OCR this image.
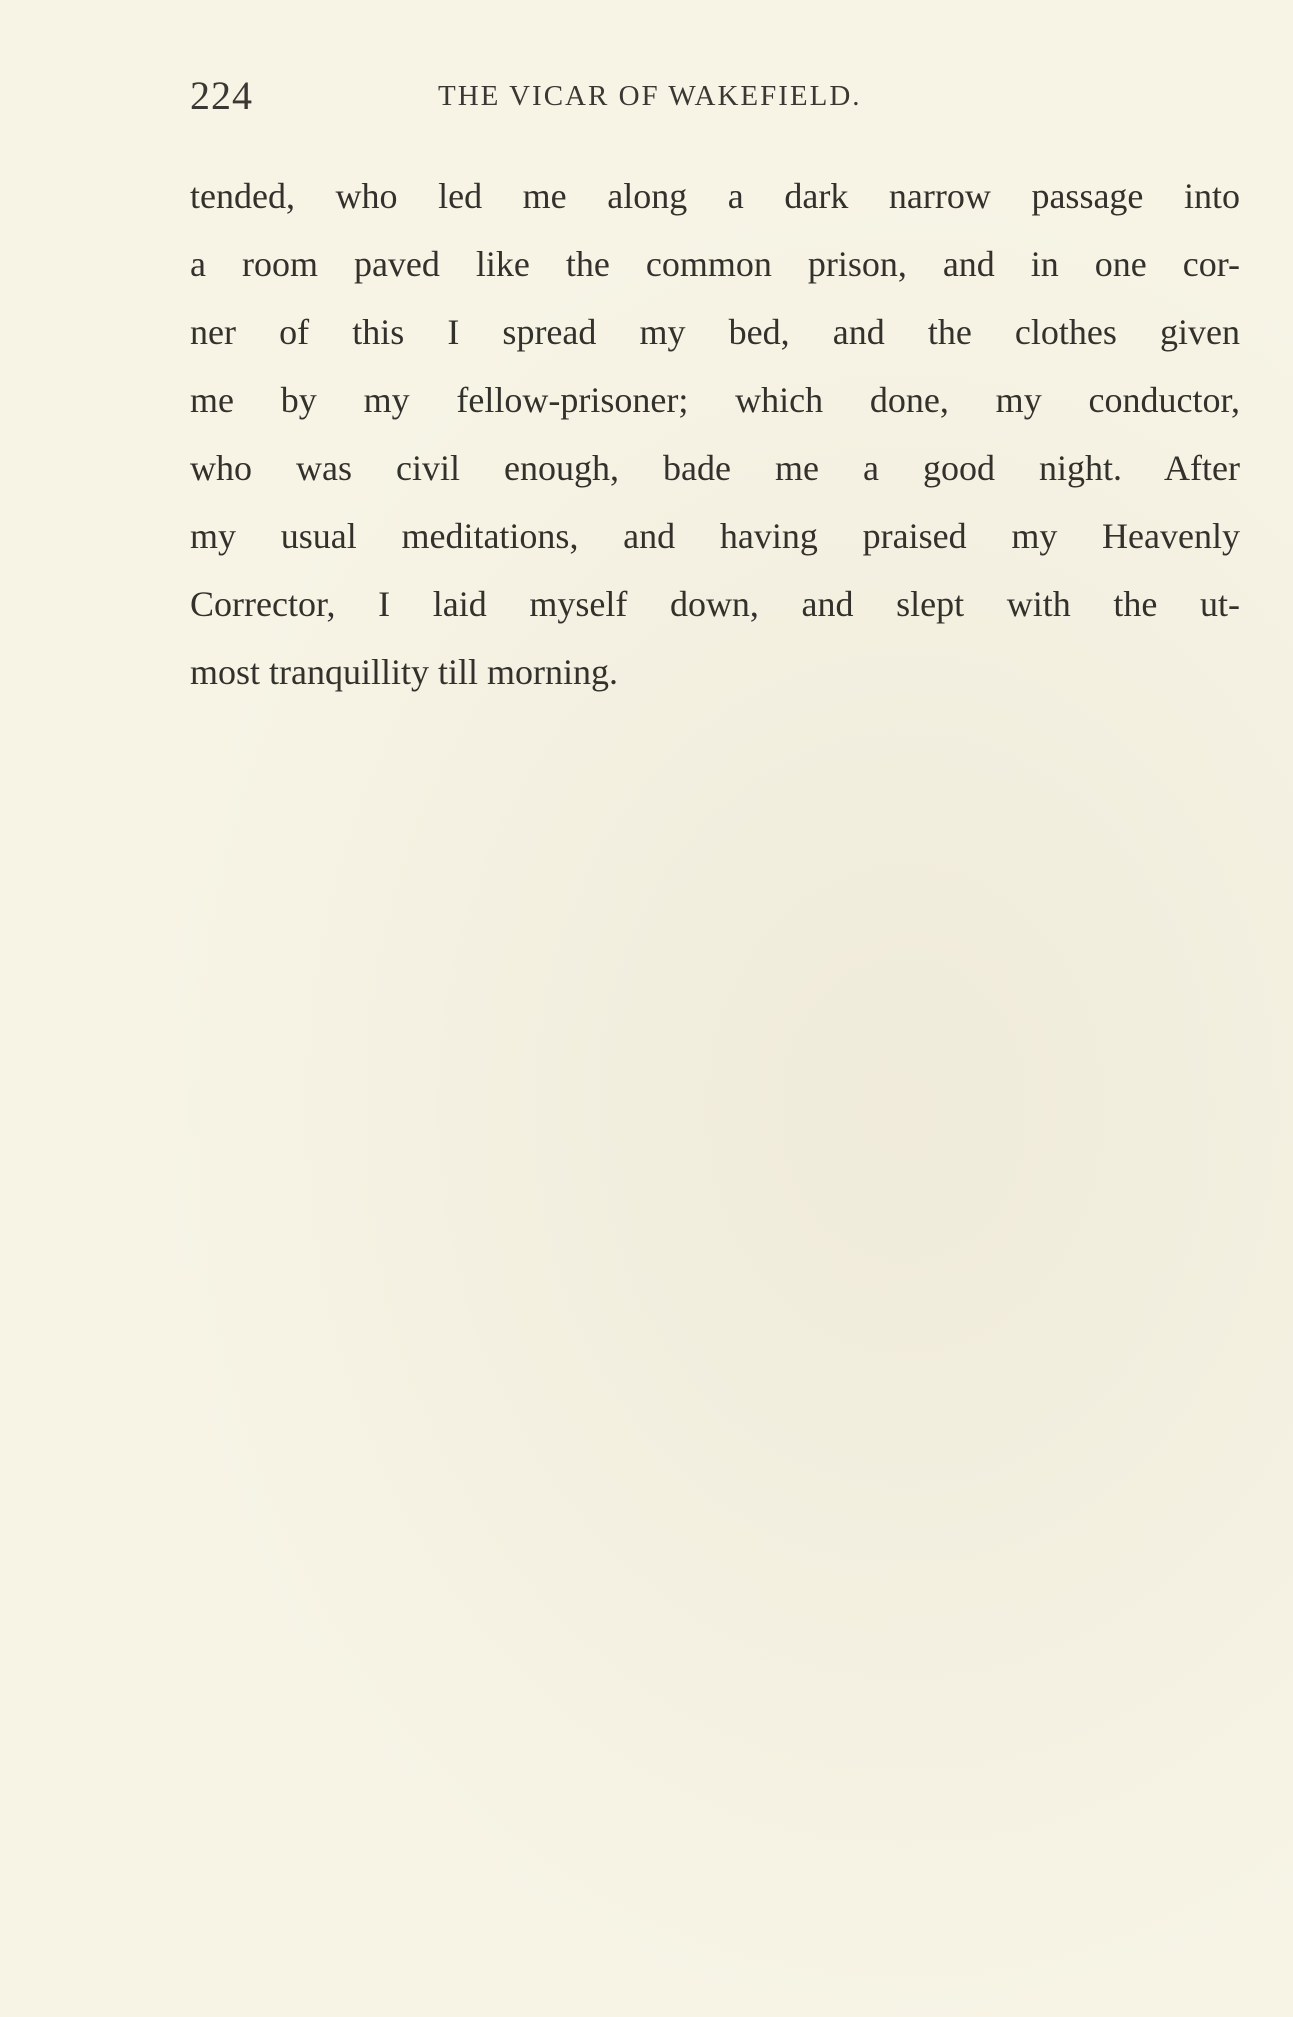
224	THE VICAR OF WAKEFIELD.
tended, who led me along a dark narrow passage into
a room paved like the common prison, and in one cor-
ner of this I spread my bed, and the clothes given
me by my fellow-prisoner; which done, my conductor,
who was civil enough, bade me a good night. After
my usual meditations, and having praised my Heavenly
Corrector, I laid myself down, and slept with the ut-
most tranquillity till morning.
